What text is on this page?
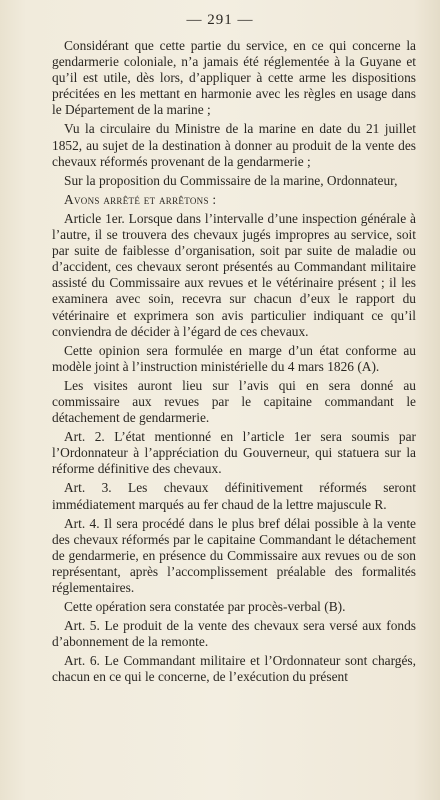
— 291 —

Considérant que cette partie du service, en ce qui concerne la gendarmerie coloniale, n’a jamais été réglementée à la Guyane et qu’il est utile, dès lors, d’appliquer à cette arme les dispositions précitées en les mettant en harmonie avec les règles en usage dans le Département de la marine ;

Vu la circulaire du Ministre de la marine en date du 21 juillet 1852, au sujet de la destination à donner au produit de la vente des chevaux réformés provenant de la gendarmerie ;

Sur la proposition du Commissaire de la marine, Ordonnateur,

Avons arrêté et arrêtons :

Article 1er. Lorsque dans l’intervalle d’une inspection générale à l’autre, il se trouvera des chevaux jugés impropres au service, soit par suite de faiblesse d’organisation, soit par suite de maladie ou d’accident, ces chevaux seront présentés au Commandant militaire assisté du Commissaire aux revues et le vétérinaire présent ; il les examinera avec soin, recevra sur chacun d’eux le rapport du vétérinaire et exprimera son avis particulier indiquant ce qu’il conviendra de décider à l’égard de ces chevaux.

Cette opinion sera formulée en marge d’un état conforme au modèle joint à l’instruction ministérielle du 4 mars 1826 (A).

Les visites auront lieu sur l’avis qui en sera donné au commissaire aux revues par le capitaine commandant le détachement de gendarmerie.

Art. 2. L’état mentionné en l’article 1er sera soumis par l’Ordonnateur à l’appréciation du Gouverneur, qui statuera sur la réforme définitive des chevaux.

Art. 3. Les chevaux définitivement réformés seront immédiatement marqués au fer chaud de la lettre majuscule R.

Art. 4. Il sera procédé dans le plus bref délai possible à la vente des chevaux réformés par le capitaine Commandant le détachement de gendarmerie, en présence du Commissaire aux revues ou de son représentant, après l’accomplissement préalable des formalités réglementaires.

Cette opération sera constatée par procès-verbal (B).

Art. 5. Le produit de la vente des chevaux sera versé aux fonds d’abonnement de la remonte.

Art. 6. Le Commandant militaire et l’Ordonnateur sont chargés, chacun en ce qui le concerne, de l’exécution du présent
